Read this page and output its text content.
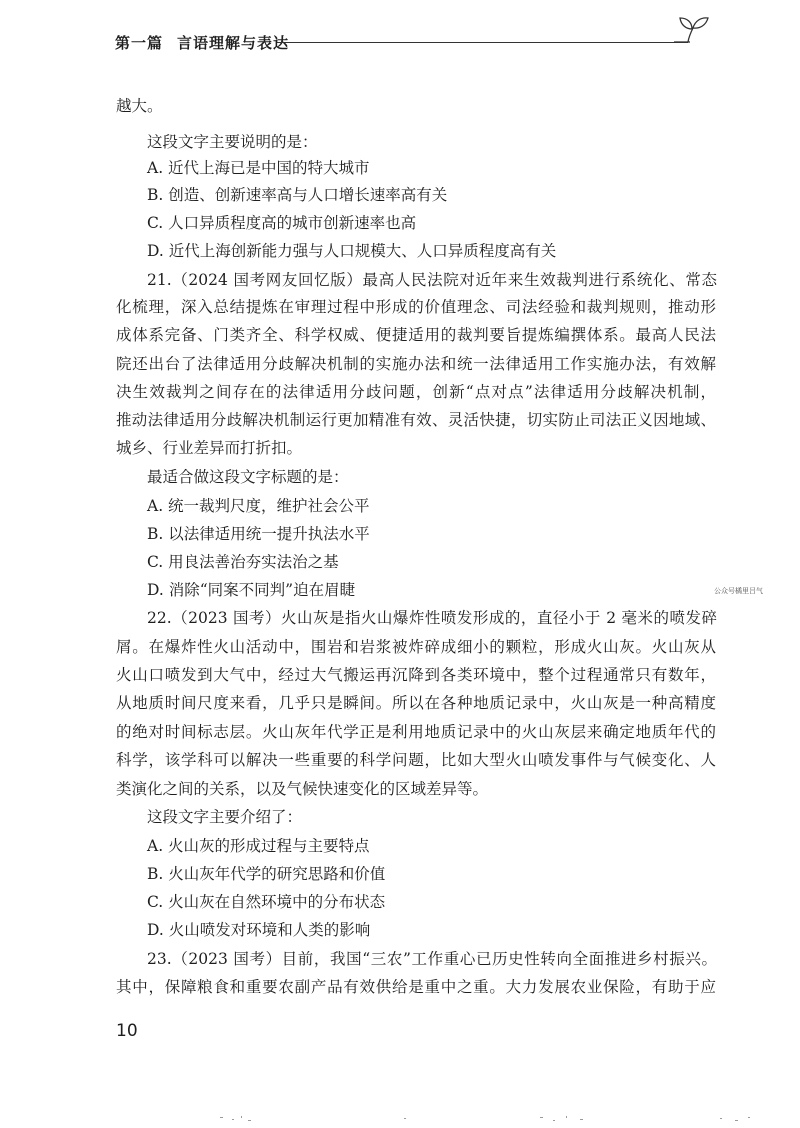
第一篇 言语理解与表达
越大。
这段文字主要说明的是：
A. 近代上海已是中国的特大城市
B. 创造、创新速率高与人口增长速率高有关
C. 人口异质程度高的城市创新速率也高
D. 近代上海创新能力强与人口规模大、人口异质程度高有关
21.（2024 国考网友回忆版）最高人民法院对近年来生效裁判进行系统化、常态
化梳理，深入总结提炼在审理过程中形成的价值理念、司法经验和裁判规则，推动形
成体系完备、门类齐全、科学权威、便捷适用的裁判要旨提炼编撰体系。最高人民法
院还出台了法律适用分歧解决机制的实施办法和统一法律适用工作实施办法，有效解
决生效裁判之间存在的法律适用分歧问题，创新“点对点”法律适用分歧解决机制，
推动法律适用分歧解决机制运行更加精准有效、灵活快捷，切实防止司法正义因地域、
城乡、行业差异而打折扣。
最适合做这段文字标题的是：
A. 统一裁判尺度，维护社会公平
B. 以法律适用统一提升执法水平
C. 用良法善治夯实法治之基
D. 消除“同案不同判”迫在眉睫
22.（2023 国考）火山灰是指火山爆炸性喷发形成的，直径小于 2 毫米的喷发碎
屑。在爆炸性火山活动中，围岩和岩浆被炸碎成细小的颗粒，形成火山灰。火山灰从
火山口喷发到大气中，经过大气搬运再沉降到各类环境中，整个过程通常只有数年，
从地质时间尺度来看，几乎只是瞬间。所以在各种地质记录中，火山灰是一种高精度
的绝对时间标志层。火山灰年代学正是利用地质记录中的火山灰层来确定地质年代的
科学，该学科可以解决一些重要的科学问题，比如大型火山喷发事件与气候变化、人
类演化之间的关系，以及气候快速变化的区域差异等。
这段文字主要介绍了：
A. 火山灰的形成过程与主要特点
B. 火山灰年代学的研究思路和价值
C. 火山灰在自然环境中的分布状态
D. 火山喷发对环境和人类的影响
23.（2023 国考）目前，我国“三农”工作重心已历史性转向全面推进乡村振兴。
其中，保障粮食和重要农副产品有效供给是重中之重。大力发展农业保险，有助于应
公众号橘里吕气
10
